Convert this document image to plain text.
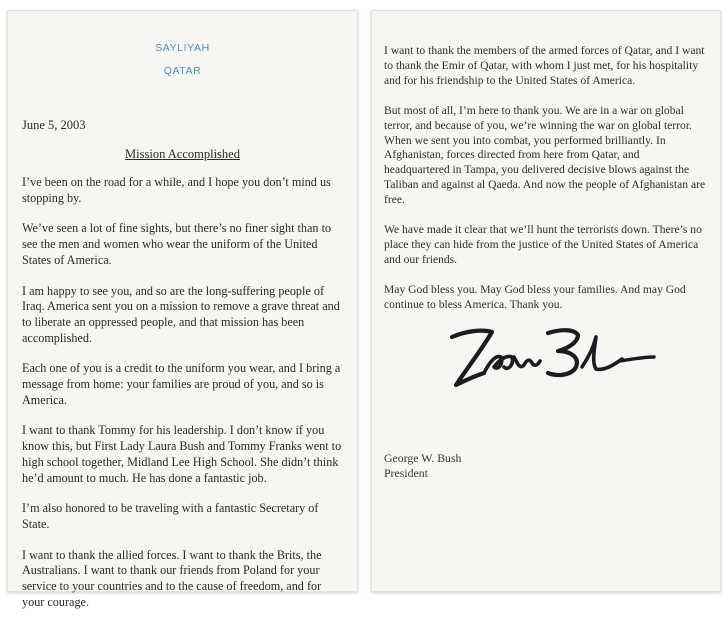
SAYLIYAH
QATAR
June 5, 2003
Mission Accomplished

I’ve been on the road for a while, and I hope you don’t mind us stopping by.

We’ve seen a lot of fine sights, but there’s no finer sight than to see the men and women who wear the uniform of the United States of America.

I am happy to see you, and so are the long-suffering people of Iraq. America sent you on a mission to remove a grave threat and to liberate an oppressed people, and that mission has been accomplished.

Each one of you is a credit to the uniform you wear, and I bring a message from home: your families are proud of you, and so is America.

I want to thank Tommy for his leadership. I don’t know if you know this, but First Lady Laura Bush and Tommy Franks went to high school together, Midland Lee High School. She didn’t think he’d amount to much. He has done a fantastic job.

I’m also honored to be traveling with a fantastic Secretary of State.

I want to thank the allied forces. I want to thank the Brits, the Australians. I want to thank our friends from Poland for your service to your countries and to the cause of freedom, and for your courage.

I want to thank the members of the armed forces of Qatar, and I want to thank the Emir of Qatar, with whom I just met, for his hospitality and for his friendship to the United States of America.

But most of all, I’m here to thank you. We are in a war on global terror, and because of you, we’re winning the war on global terror. When we sent you into combat, you performed brilliantly. In Afghanistan, forces directed from here from Qatar, and headquartered in Tampa, you delivered decisive blows against the Taliban and against al Qaeda. And now the people of Afghanistan are free.

We have made it clear that we’ll hunt the terrorists down. There’s no place they can hide from the justice of the United States of America and our friends.

May God bless you. May God bless your families. And may God continue to bless America. Thank you.

George W. Bush
President
